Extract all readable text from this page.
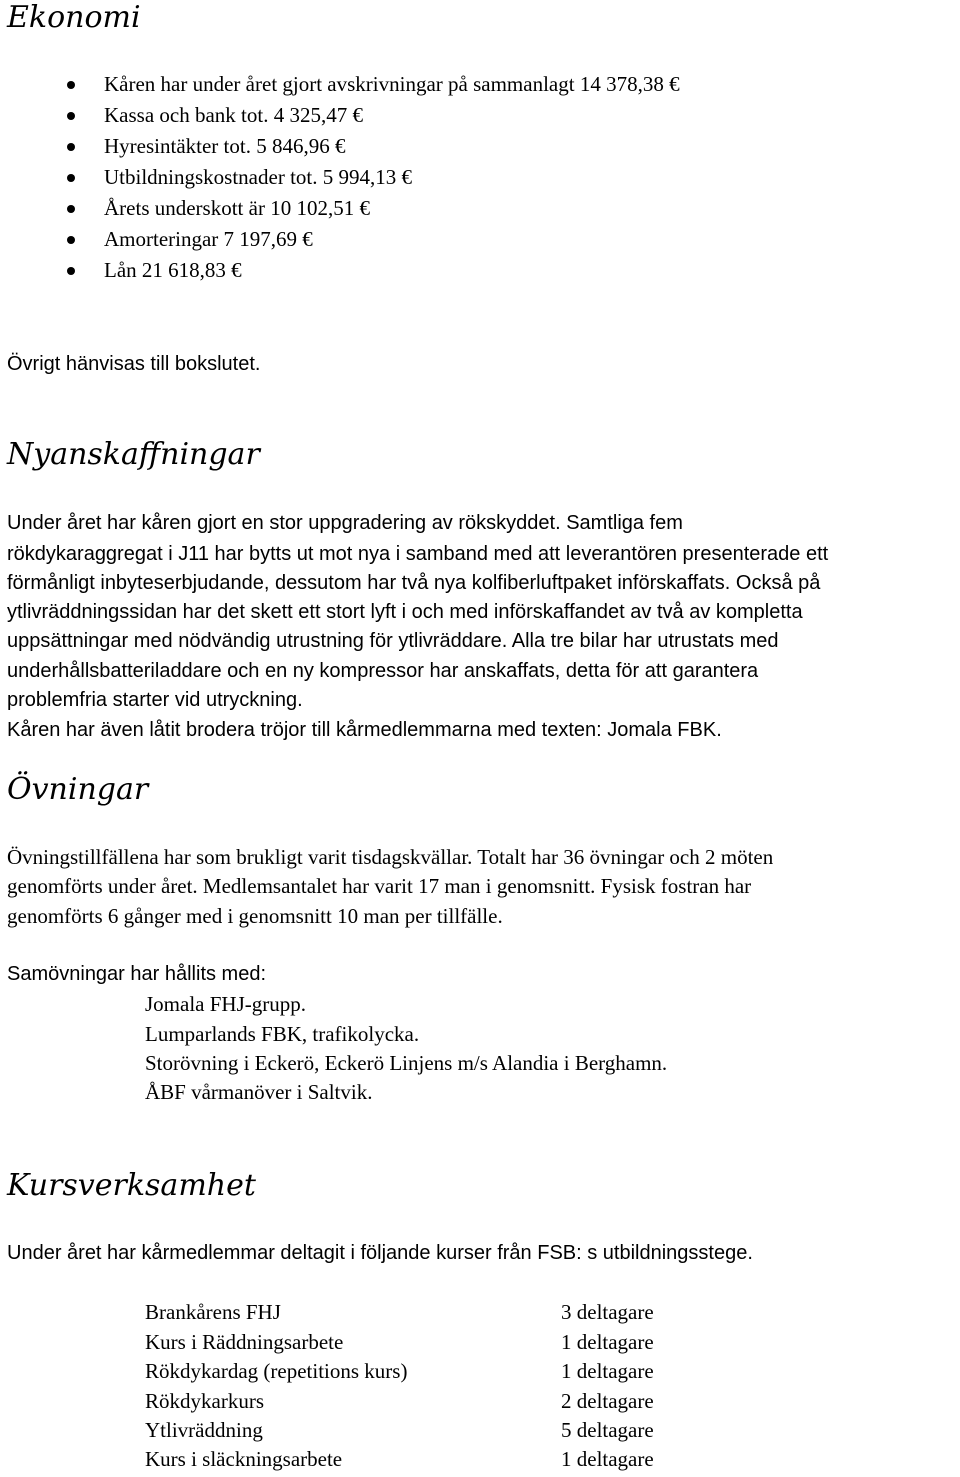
Ekonomi
Kåren har under året gjort avskrivningar på sammanlagt 14 378,38 €
Kassa och bank tot. 4 325,47 €
Hyresintäkter tot. 5 846,96 €
Utbildningskostnader tot. 5 994,13 €
Årets underskott är 10 102,51 €
Amorteringar 7 197,69 €
Lån 21 618,83 €
Övrigt hänvisas till bokslutet.
Nyanskaffningar
Under året har kåren gjort en stor uppgradering av rökskyddet. Samtliga fem
rökdykaraggregat i J11 har bytts ut mot nya i samband med att leverantören presenterade ett
förmånligt inbyteserbjudande, dessutom har två nya kolfiberluftpaket införskaffats. Också på
ytlivräddningssidan har det skett ett stort lyft i och med införskaffandet av två av kompletta
uppsättningar med nödvändig utrustning för ytlivräddare. Alla tre bilar har utrustats med
underhållsbatteriladdare och en ny kompressor har anskaffats, detta för att garantera
problemfria starter vid utryckning.
Kåren har även låtit brodera tröjor till kårmedlemmarna med texten: Jomala FBK.
Övningar
Övningstillfällena har som brukligt varit tisdagskvällar. Totalt har 36 övningar och 2 möten
genomförts under året. Medlemsantalet har varit 17 man i genomsnitt. Fysisk fostran har
genomförts 6 gånger med i genomsnitt 10 man per tillfälle.
Samövningar har hållits med:
Jomala FHJ-grupp.
Lumparlands FBK, trafikolycka.
Storövning i Eckerö, Eckerö Linjens m/s Alandia i Berghamn.
ÅBF vårmanöver i Saltvik.
Kursverksamhet
Under året har kårmedlemmar deltagit i följande kurser från FSB: s utbildningsstege.
Brankårens FHJ	3 deltagare
Kurs i Räddningsarbete	1 deltagare
Rökdykardag (repetitions kurs)	1 deltagare
Rökdykarkurs	2 deltagare
Ytlivräddning	5 deltagare
Kurs i släckningsarbete	1 deltagare
